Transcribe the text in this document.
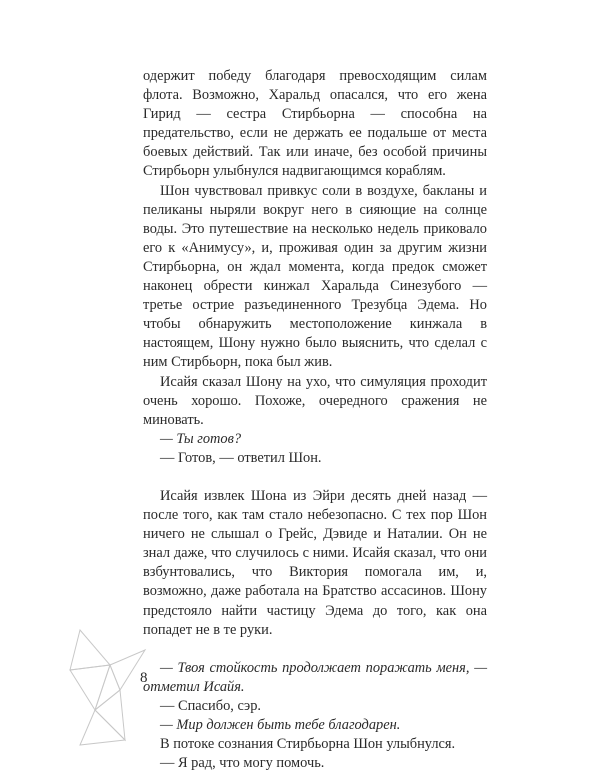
одержит победу благодаря превосходящим силам флота. Возможно, Харальд опасался, что его жена Гирид — сестра Стирбьорна — способна на предательство, если не держать ее подальше от места боевых действий. Так или иначе, без особой причины Стирбьорн улыбнулся надвигающимся кораблям.

Шон чувствовал привкус соли в воздухе, бакланы и пеликаны ныряли вокруг него в сияющие на солнце воды. Это путешествие на несколько недель приковало его к «Анимусу», и, проживая один за другим жизни Стирбьорна, он ждал момента, когда предок сможет наконец обрести кинжал Харальда Синезубого — третье острие разъединенного Трезубца Эдема. Но чтобы обнаружить местоположение кинжала в настоящем, Шону нужно было выяснить, что сделал с ним Стирбьорн, пока был жив.

Исайя сказал Шону на ухо, что симуляция проходит очень хорошо. Похоже, очередного сражения не миновать.

— Ты готов?

— Готов, — ответил Шон.

Исайя извлек Шона из Эйри десять дней назад — после того, как там стало небезопасно. С тех пор Шон ничего не слышал о Грейс, Дэвиде и Наталии. Он не знал даже, что случилось с ними. Исайя сказал, что они взбунтовались, что Виктория помогала им, и, возможно, даже работала на Братство ассасинов. Шону предстояло найти частицу Эдема до того, как она попадет не в те руки.

— Твоя стойкость продолжает поражать меня, — отметил Исайя.

— Спасибо, сэр.

— Мир должен быть тебе благодарен.

В потоке сознания Стирбьорна Шон улыбнулся.

— Я рад, что могу помочь.

8
